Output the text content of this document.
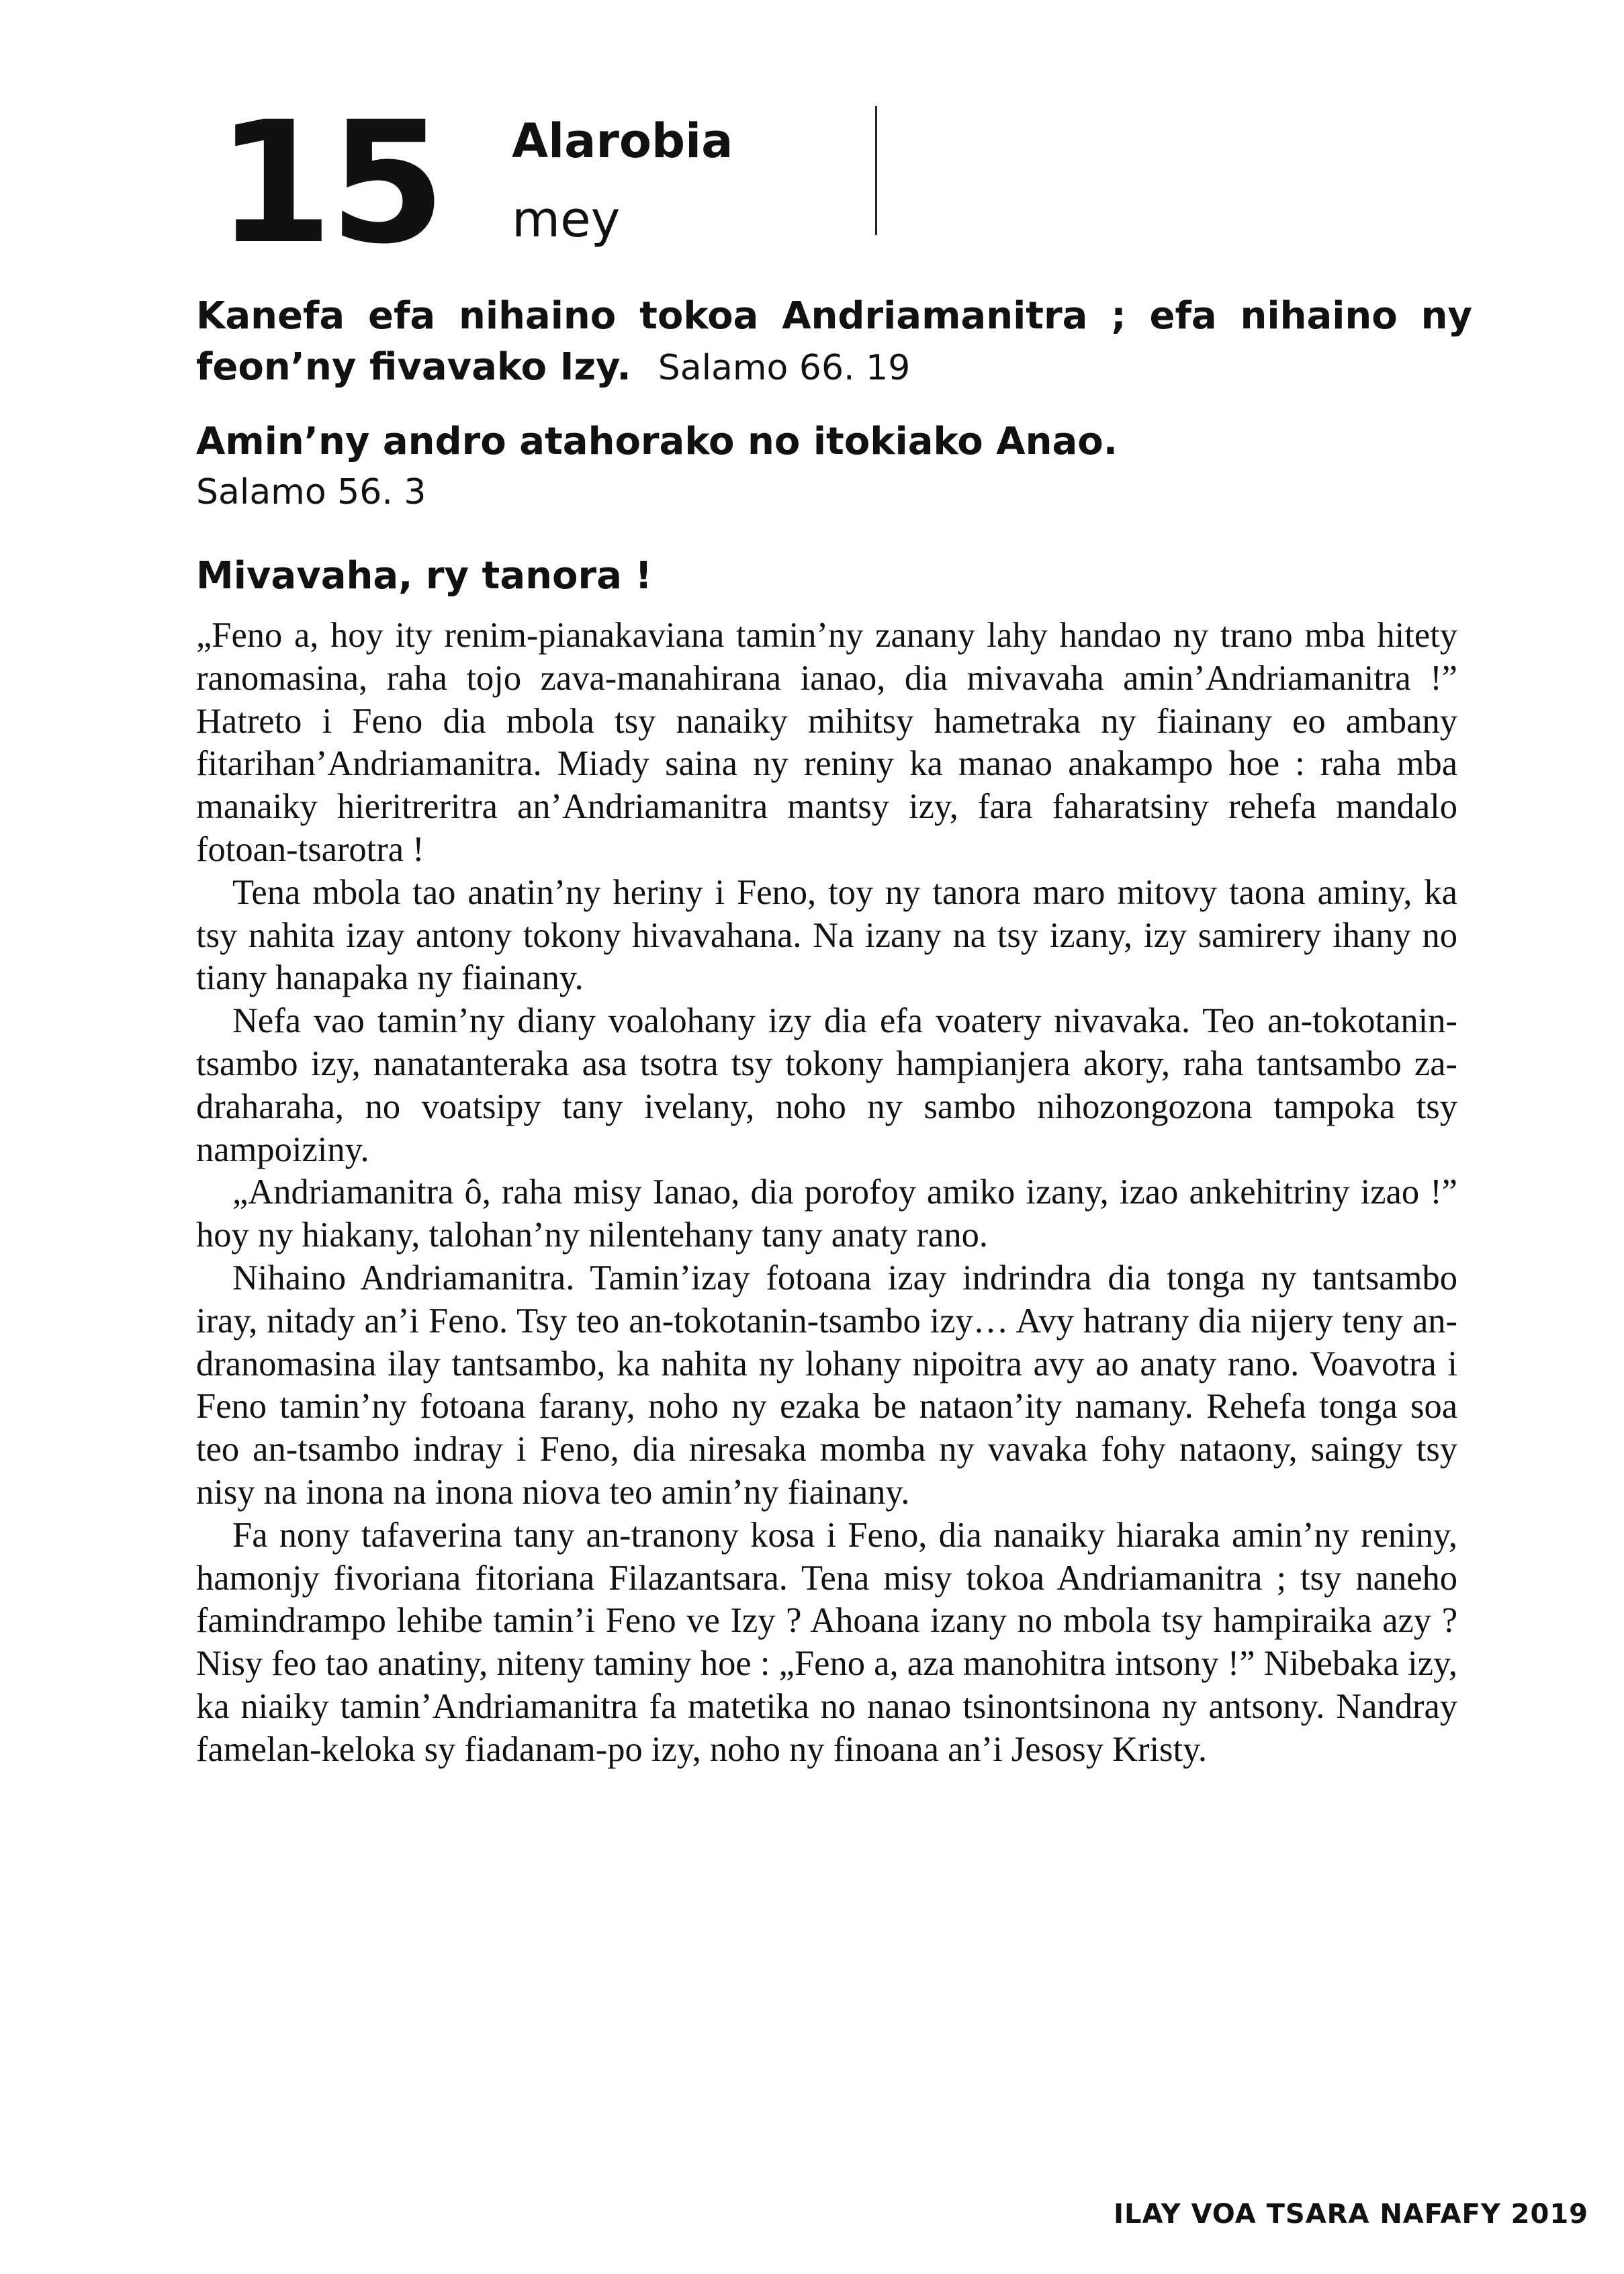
15 Alarobia
mey
Kanefa efa nihaino tokoa Andriamanitra ; efa nihaino ny feon’ny fivavako Izy. Salamo 66. 19
Amin’ny andro atahorako no itokiako Anao.
Salamo 56. 3
Mivavaha, ry tanora !

„Feno a, hoy ity renim-pianakaviana tamin’ny zanany lahy handao ny trano mba hitety ranomasina, raha tojo zava-manahirana ianao, dia mivavaha amin’Andriamanitra !” Hatreto i Feno dia mbola tsy nanaiky mihitsy hametraka ny fiainany eo ambany fitarihan’Andriamanitra. Miady saina ny reniny ka manao anakampo hoe : raha mba manaiky hieritreritra an’Andriamanitra mantsy izy, fara faharatsiny rehefa mandalo fotoan-tsarotra !

Tena mbola tao anatin’ny heriny i Feno, toy ny tanora maro mitovy taona aminy, ka tsy nahita izay antony tokony hivavahana. Na izany na tsy izany, izy samirery ihany no tiany hanapaka ny fiainany.

Nefa vao tamin’ny diany voalohany izy dia efa voatery nivavaka. Teo an-tokotanin-tsambo izy, nanatanteraka asa tsotra tsy tokony hampianjera akory, raha tantsambo za-draharaha, no voatsipy tany ivelany, noho ny sambo nihozongozona tampoka tsy nampoiziny.

„Andriamanitra ô, raha misy Ianao, dia porofoy amiko izany, izao ankehitriny izao !” hoy ny hiakany, talohan’ny nilentehany tany anaty rano.

Nihaino Andriamanitra. Tamin’izay fotoana izay indrindra dia tonga ny tantsambo iray, nitady an’i Feno. Tsy teo an-tokotanin-tsambo izy… Avy hatrany dia nijery teny an-dranomasina ilay tantsambo, ka nahita ny lohany nipoitra avy ao anaty rano. Voavotra i Feno tamin’ny fotoana farany, noho ny ezaka be nataon’ity namany. Rehefa tonga soa teo an-tsambo indray i Feno, dia niresaka momba ny vavaka fohy nataony, saingy tsy nisy na inona na inona niova teo amin’ny fiainany.

Fa nony tafaverina tany an-tranony kosa i Feno, dia nanaiky hiaraka amin’ny reniny, hamonjy fivoriana fitoriana Filazantsara. Tena misy tokoa Andriamanitra ; tsy naneho famindrampo lehibe tamin’i Feno ve Izy ? Ahoana izany no mbola tsy hampiraika azy ? Nisy feo tao anatiny, niteny taminy hoe : „Feno a, aza manohitra intsony !” Nibebaka izy, ka niaiky tamin’Andriamanitra fa matetika no nanao tsinontsinona ny antsony. Nandray famelan-keloka sy fiadanam-po izy, noho ny finoana an’i Jesosy Kristy.

ILAY VOA TSARA NAFAFY 2019
